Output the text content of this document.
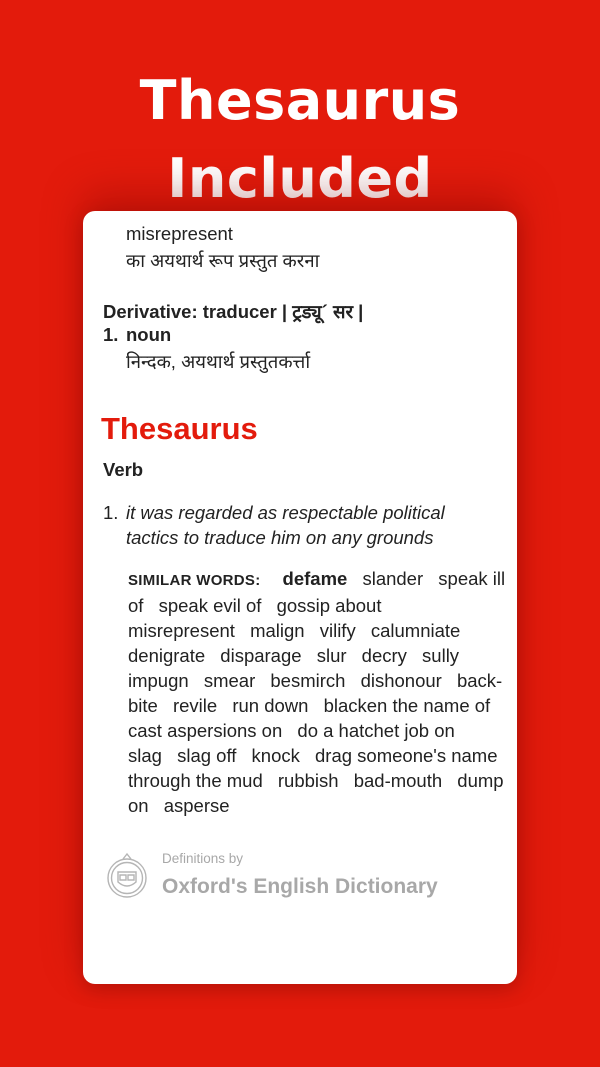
Thesaurus
Included
misrepresent
का अयथार्थ रूप प्रस्तुत करना
Derivative: traducer | ट्रड्यू´ सर |
1. noun
निन्दक, अयथार्थ प्रस्तुतकर्त्ता
Thesaurus
Verb
1. it was regarded as respectable political
tactics to traduce him on any grounds
SIMILAR WORDS: defame slander speak ill of speak evil of gossip about misrepresent malign vilify calumniate denigrate disparage slur decry sully impugn smear besmirch dishonour back-bite revile run down blacken the name of cast aspersions on do a hatchet job on slag slag off knock drag someone's name through the mud rubbish bad-mouth dump on asperse
Definitions by
Oxford's English Dictionary
